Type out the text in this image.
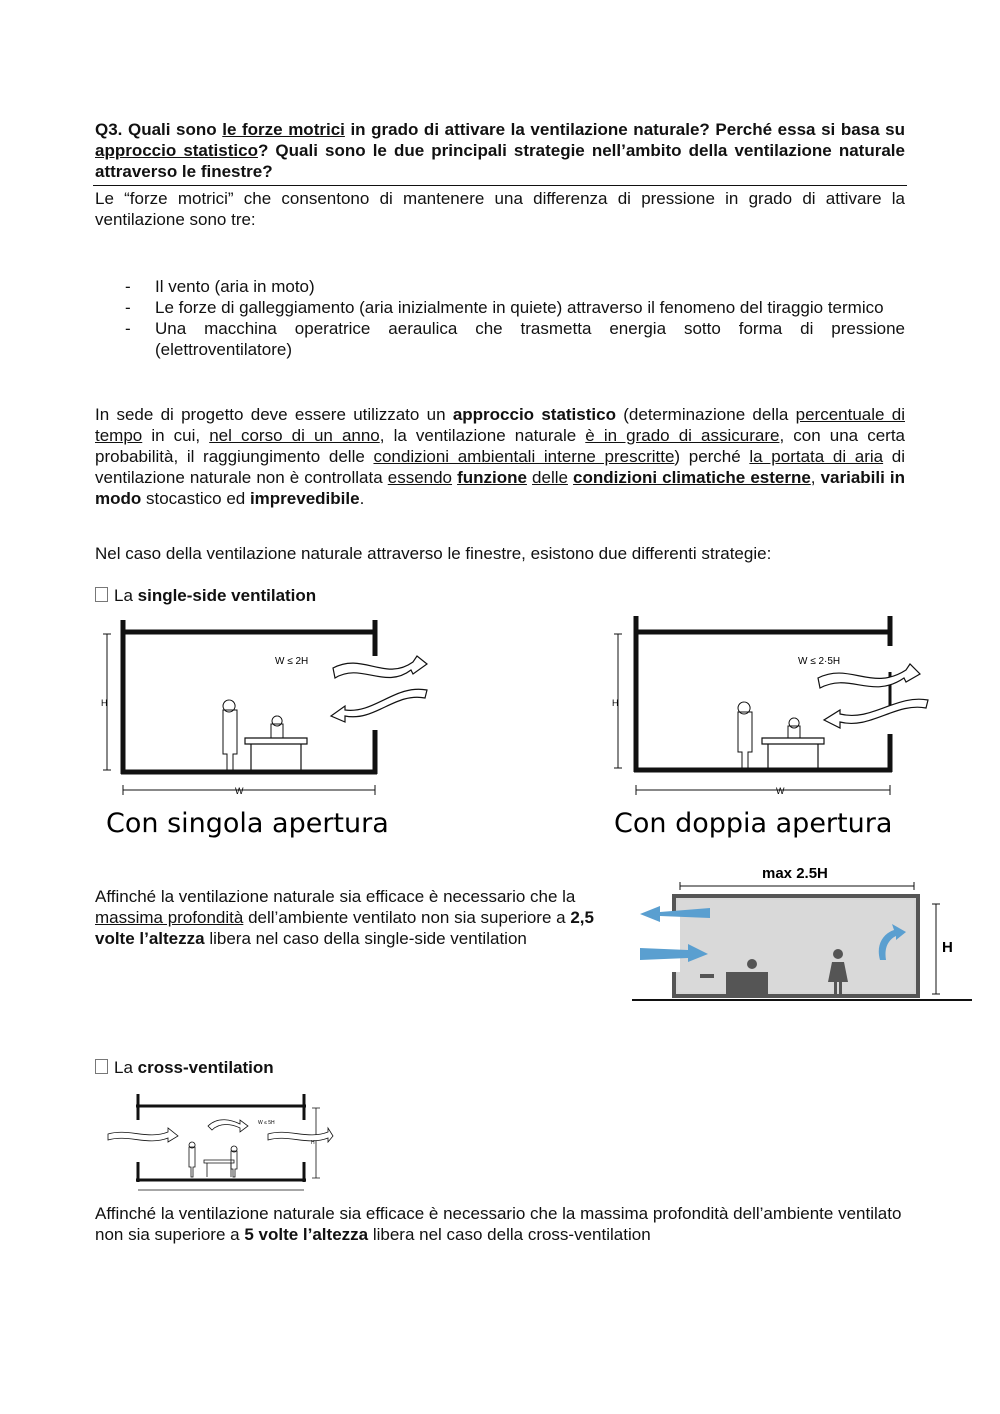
Q3. Quali sono le forze motrici in grado di attivare la ventilazione naturale? Perché essa si basa su approccio statistico? Quali sono le due principali strategie nell’ambito della ventilazione naturale attraverso le finestre?
Le “forze motrici” che consentono di mantenere una differenza di pressione in grado di attivare la ventilazione sono tre:
- Il vento (aria in moto)
- Le forze di galleggiamento (aria inizialmente in quiete) attraverso il fenomeno del tiraggio termico
- Una macchina operatrice aeraulica che trasmetta energia sotto forma di pressione (elettroventilatore)
In sede di progetto deve essere utilizzato un approccio statistico (determinazione della percentuale di tempo in cui, nel corso di un anno, la ventilazione naturale è in grado di assicurare, con una certa probabilità, il raggiungimento delle condizioni ambientali interne prescritte) perché la portata di aria di ventilazione naturale non è controllata essendo funzione delle condizioni climatiche esterne, variabili in modo stocastico ed imprevedibile.
Nel caso della ventilazione naturale attraverso le finestre, esistono due differenti strategie:
La single-side ventilation
W ≤ 2H
H
W
Con singola apertura
W ≤ 2·5H
H
W
Con doppia apertura
max 2.5H
H
Affinché la ventilazione naturale sia efficace è necessario che la massima profondità dell’ambiente ventilato non sia superiore a 2,5 volte l’altezza libera nel caso della single-side ventilation
La cross-ventilation
W ≤ 5H
H
Affinché la ventilazione naturale sia efficace è necessario che la massima profondità dell’ambiente ventilato non sia superiore a 5 volte l’altezza libera nel caso della cross-ventilation
